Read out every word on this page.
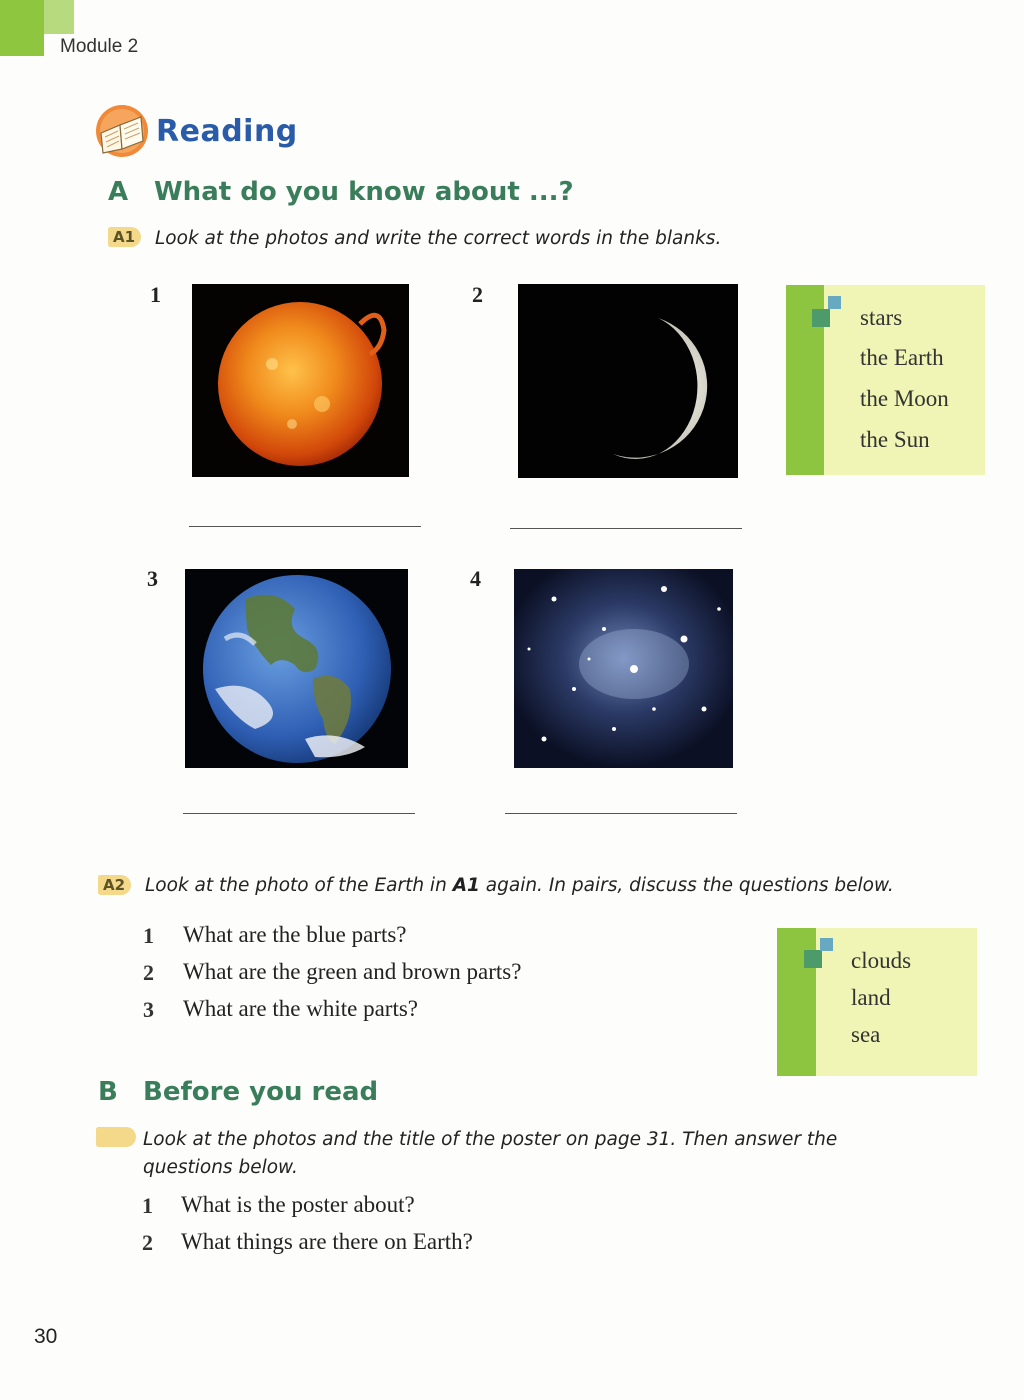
Module 2
Reading
A What do you know about ...?
A1	Look at the photos and write the correct words in the blanks.
1	2
stars
the Earth
the Moon
the Sun
3	4
A2	Look at the photo of the Earth in A1 again. In pairs, discuss the questions below.
1 What are the blue parts?
2 What are the green and brown parts?
3 What are the white parts?
clouds
land
sea
B Before you read
Look at the photos and the title of the poster on page 31. Then answer the questions below.
1 What is the poster about?
2 What things are there on Earth?
30
